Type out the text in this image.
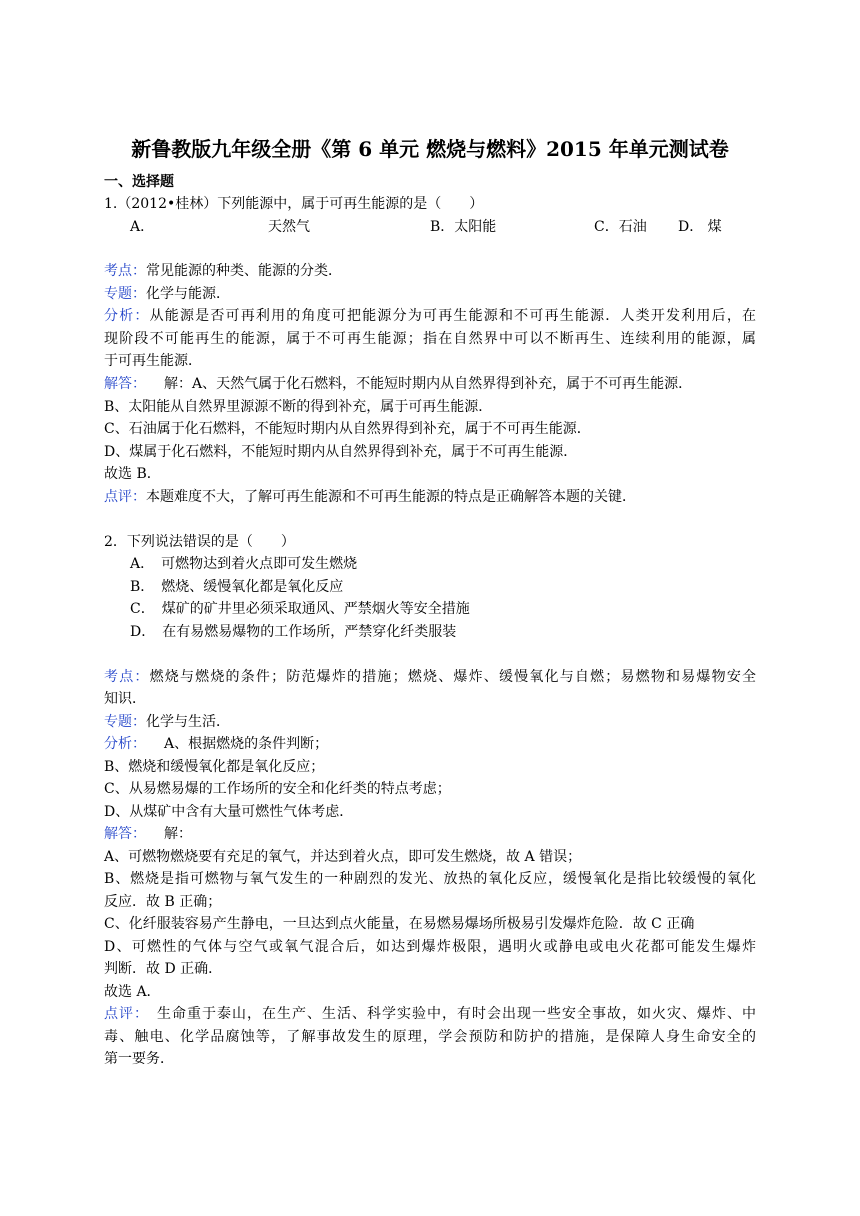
新鲁教版九年级全册《第 6 单元 燃烧与燃料》2015 年单元测试卷
一、选择题
1.（2012•桂林）下列能源中，属于可再生能源的是（　　）
A．	天然气	B．太阳能	C．石油 D． 煤
考点：常见能源的种类、能源的分类．
专题：化学与能源．
分析：从能源是否可再利用的角度可把能源分为可再生能源和不可再生能源．人类开发利用后，在
现阶段不可能再生的能源，属于不可再生能源；指在自然界中可以不断再生、连续利用的能源，属
于可再生能源．
解答： 解：A、天然气属于化石燃料，不能短时期内从自然界得到补充，属于不可再生能源．
B、太阳能从自然界里源源不断的得到补充，属于可再生能源．
C、石油属于化石燃料，不能短时期内从自然界得到补充，属于不可再生能源．
D、煤属于化石燃料，不能短时期内从自然界得到补充，属于不可再生能源．
故选 B．
点评：本题难度不大，了解可再生能源和不可再生能源的特点是正确解答本题的关键．
2．下列说法错误的是（　　）
A．　可燃物达到着火点即可发生燃烧
B．　燃烧、缓慢氧化都是氧化反应
C．　煤矿的矿井里必须采取通风、严禁烟火等安全措施
D．　在有易燃易爆物的工作场所，严禁穿化纤类服装
考点：燃烧与燃烧的条件；防范爆炸的措施；燃烧、爆炸、缓慢氧化与自燃；易燃物和易爆物安全
知识．
专题：化学与生活．
分析： A、根据燃烧的条件判断；
B、燃烧和缓慢氧化都是氧化反应；
C、从易燃易爆的工作场所的安全和化纤类的特点考虑；
D、从煤矿中含有大量可燃性气体考虑．
解答： 解：
A、可燃物燃烧要有充足的氧气，并达到着火点，即可发生燃烧，故 A 错误；
B、燃烧是指可燃物与氧气发生的一种剧烈的发光、放热的氧化反应，缓慢氧化是指比较缓慢的氧化
反应．故 B 正确；
C、化纤服装容易产生静电，一旦达到点火能量，在易燃易爆场所极易引发爆炸危险．故 C 正确
D、可燃性的气体与空气或氧气混合后，如达到爆炸极限，遇明火或静电或电火花都可能发生爆炸
判断．故 D 正确．
故选 A．
点评： 生命重于泰山，在生产、生活、科学实验中，有时会出现一些安全事故，如火灾、爆炸、中
毒、触电、化学品腐蚀等，了解事故发生的原理，学会预防和防护的措施，是保障人身生命安全的
第一要务．
